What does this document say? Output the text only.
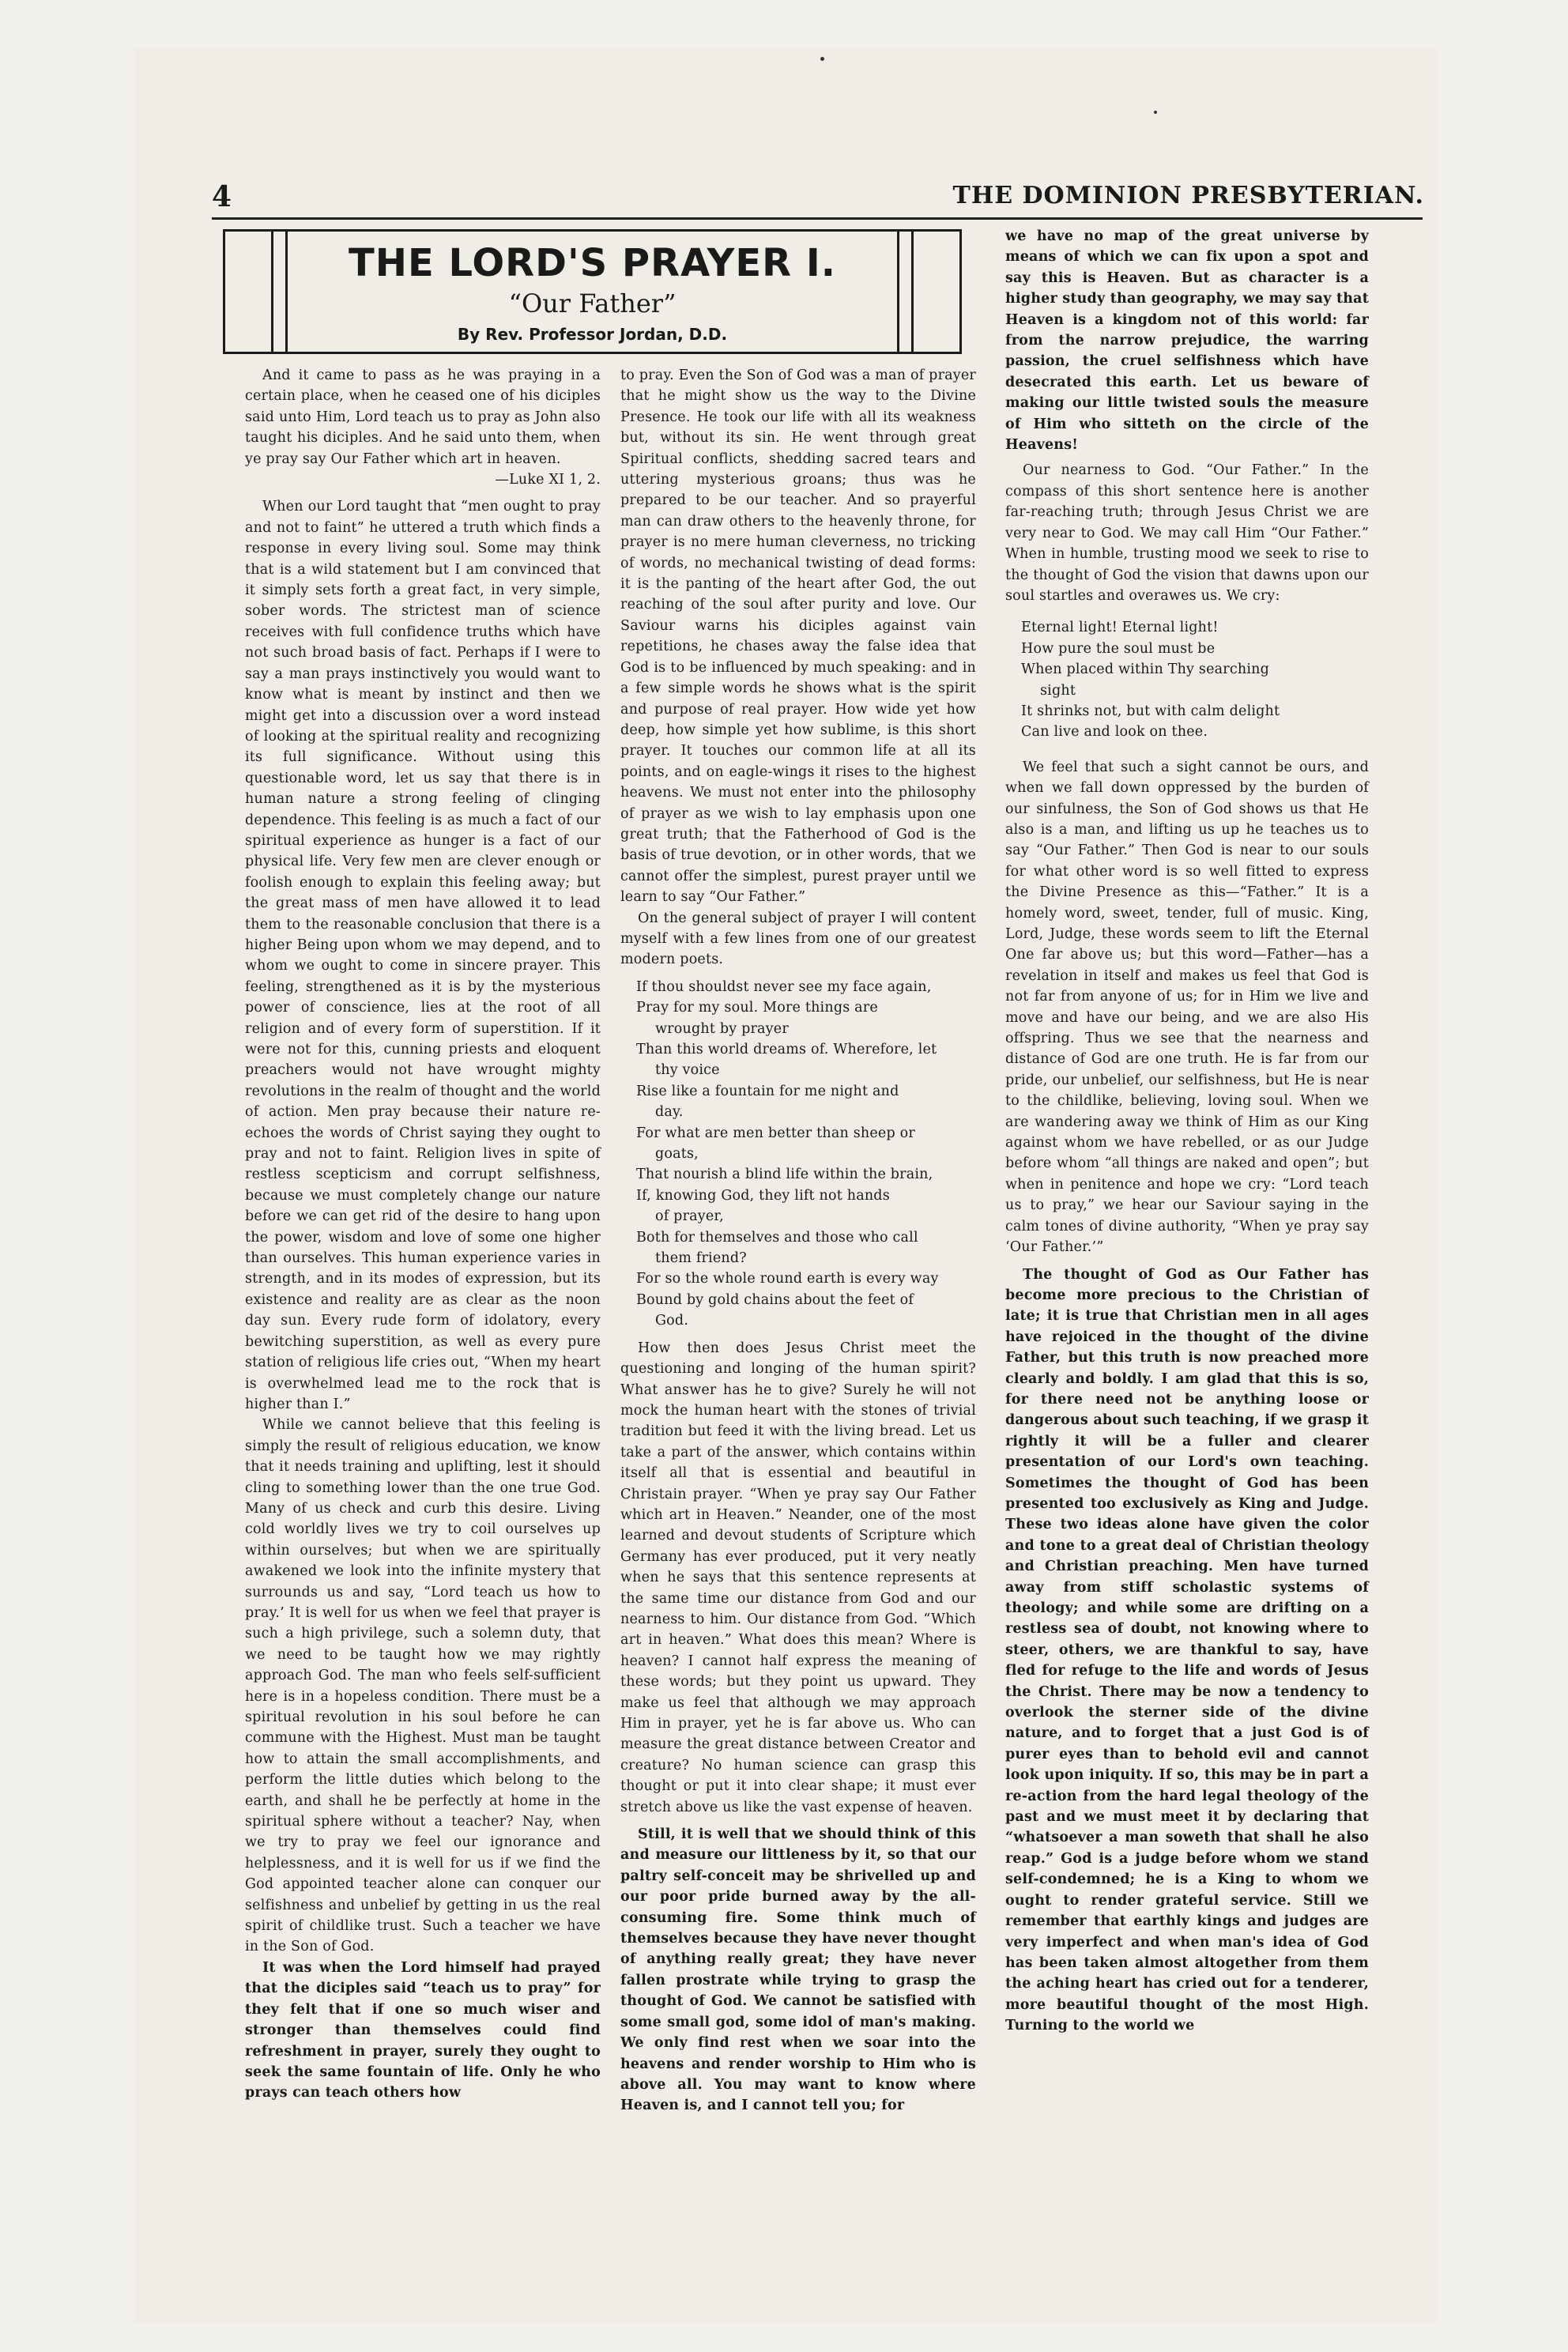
4	THE DOMINION PRESBYTERIAN.
THE LORD'S PRAYER I.
“Our Father”
By Rev. Professor Jordan, D.D.

And it came to pass as he was praying in a certain place, when he ceased one of his diciples said unto Him, Lord teach us to pray as John also taught his diciples. And he said unto them, when ye pray say Our Father which art in heaven.

—Luke XI 1, 2.

When our Lord taught that “men ought to pray and not to faint” he uttered a truth which finds a response in every living soul. Some may think that is a wild statement but I am convinced that it simply sets forth a great fact, in very simple, sober words. The strictest man of science receives with full confidence truths which have not such broad basis of fact. Perhaps if I were to say a man prays instinctively you would want to know what is meant by instinct and then we might get into a discussion over a word instead of looking at the spiritual reality and recognizing its full significance. Without using this questionable word, let us say that there is in human nature a strong feeling of clinging dependence. This feeling is as much a fact of our spiritual experience as hunger is a fact of our physical life. Very few men are clever enough or foolish enough to explain this feeling away; but the great mass of men have allowed it to lead them to the reasonable conclusion that there is a higher Being upon whom we may depend, and to whom we ought to come in sincere prayer. This feeling, strengthened as it is by the mysterious power of conscience, lies at the root of all religion and of every form of superstition. If it were not for this, cunning priests and eloquent preachers would not have wrought mighty revolutions in the realm of thought and the world of action. Men pray because their nature re-echoes the words of Christ saying they ought to pray and not to faint. Religion lives in spite of restless scepticism and corrupt selfishness, because we must completely change our nature before we can get rid of the desire to hang upon the power, wisdom and love of some one higher than ourselves. This human experience varies in strength, and in its modes of expression, but its existence and reality are as clear as the noon day sun. Every rude form of idolatory, every bewitching superstition, as well as every pure station of religious life cries out, “When my heart is overwhelmed lead me to the rock that is higher than I.”

While we cannot believe that this feeling is simply the result of religious education, we know that it needs training and uplifting, lest it should cling to something lower than the one true God. Many of us check and curb this desire. Living cold worldly lives we try to coil ourselves up within ourselves; but when we are spiritually awakened we look into the infinite mystery that surrounds us and say, “Lord teach us how to pray.’ It is well for us when we feel that prayer is such a high privilege, such a solemn duty, that we need to be taught how we may rightly approach God. The man who feels self-sufficient here is in a hopeless condition. There must be a spiritual revolution in his soul before he can commune with the Highest. Must man be taught how to attain the small accomplishments, and perform the little duties which belong to the earth, and shall he be perfectly at home in the spiritual sphere without a teacher? Nay, when we try to pray we feel our ignorance and helplessness, and it is well for us if we find the God appointed teacher alone can conquer our selfishness and unbelief by getting in us the real spirit of childlike trust. Such a teacher we have in the Son of God.

It was when the Lord himself had prayed that the diciples said “teach us to pray” for they felt that if one so much wiser and stronger than themselves could find refreshment in prayer, surely they ought to seek the same fountain of life. Only he who prays can teach others how

to pray. Even the Son of God was a man of prayer that he might show us the way to the Divine Presence. He took our life with all its weakness but, without its sin. He went through great Spiritual conflicts, shedding sacred tears and uttering mysterious groans; thus was he prepared to be our teacher. And so prayerful man can draw others to the heavenly throne, for prayer is no mere human cleverness, no tricking of words, no mechanical twisting of dead forms: it is the panting of the heart after God, the out reaching of the soul after purity and love. Our Saviour warns his diciples against vain repetitions, he chases away the false idea that God is to be influenced by much speaking: and in a few simple words he shows what is the spirit and purpose of real prayer. How wide yet how deep, how simple yet how sublime, is this short prayer. It touches our common life at all its points, and on eagle-wings it rises to the highest heavens. We must not enter into the philosophy of prayer as we wish to lay emphasis upon one great truth; that the Fatherhood of God is the basis of true devotion, or in other words, that we cannot offer the simplest, purest prayer until we learn to say “Our Father.”

On the general subject of prayer I will content myself with a few lines from one of our greatest modern poets.

If thou shouldst never see my face again,

Pray for my soul. More things are

wrought by prayer

Than this world dreams of. Wherefore, let

thy voice

Rise like a fountain for me night and

day.

For what are men better than sheep or

goats,

That nourish a blind life within the brain,

If, knowing God, they lift not hands

of prayer,

Both for themselves and those who call

them friend?

For so the whole round earth is every way

Bound by gold chains about the feet of

God.

How then does Jesus Christ meet the questioning and longing of the human spirit? What answer has he to give? Surely he will not mock the human heart with the stones of trivial tradition but feed it with the living bread. Let us take a part of the answer, which contains within itself all that is essential and beautiful in Christain prayer. “When ye pray say Our Father which art in Heaven.” Neander, one of the most learned and devout students of Scripture which Germany has ever produced, put it very neatly when he says that this sentence represents at the same time our distance from God and our nearness to him. Our distance from God. “Which art in heaven.” What does this mean? Where is heaven? I cannot half express the meaning of these words; but they point us upward. They make us feel that although we may approach Him in prayer, yet he is far above us. Who can measure the great distance between Creator and creature? No human science can grasp this thought or put it into clear shape; it must ever stretch above us like the vast expense of heaven.

Still, it is well that we should think of this and measure our littleness by it, so that our paltry self-conceit may be shrivelled up and our poor pride burned away by the all-consuming fire. Some think much of themselves because they have never thought of anything really great; they have never fallen prostrate while trying to grasp the thought of God. We cannot be satisfied with some small god, some idol of man's making. We only find rest when we soar into the heavens and render worship to Him who is above all. You may want to know where Heaven is, and I cannot tell you; for

we have no map of the great universe by means of which we can fix upon a spot and say this is Heaven. But as character is a higher study than geography, we may say that Heaven is a kingdom not of this world: far from the narrow prejudice, the warring passion, the cruel selfishness which have desecrated this earth. Let us beware of making our little twisted souls the measure of Him who sitteth on the circle of the Heavens!

Our nearness to God. “Our Father.” In the compass of this short sentence here is another far-reaching truth; through Jesus Christ we are very near to God. We may call Him “Our Father.” When in humble, trusting mood we seek to rise to the thought of God the vision that dawns upon our soul startles and overawes us. We cry:

Eternal light! Eternal light!

How pure the soul must be

When placed within Thy searching

sight

It shrinks not, but with calm delight

Can live and look on thee.

We feel that such a sight cannot be ours, and when we fall down oppressed by the burden of our sinfulness, the Son of God shows us that He also is a man, and lifting us up he teaches us to say “Our Father.” Then God is near to our souls for what other word is so well fitted to express the Divine Presence as this—“Father.” It is a homely word, sweet, tender, full of music. King, Lord, Judge, these words seem to lift the Eternal One far above us; but this word—Father—has a revelation in itself and makes us feel that God is not far from anyone of us; for in Him we live and move and have our being, and we are also His offspring. Thus we see that the nearness and distance of God are one truth. He is far from our pride, our unbelief, our selfishness, but He is near to the childlike, believing, loving soul. When we are wandering away we think of Him as our King against whom we have rebelled, or as our Judge before whom “all things are naked and open”; but when in penitence and hope we cry: “Lord teach us to pray,” we hear our Saviour saying in the calm tones of divine authority, “When ye pray say ‘Our Father.’”

The thought of God as Our Father has become more precious to the Christian of late; it is true that Christian men in all ages have rejoiced in the thought of the divine Father, but this truth is now preached more clearly and boldly. I am glad that this is so, for there need not be anything loose or dangerous about such teaching, if we grasp it rightly it will be a fuller and clearer presentation of our Lord's own teaching. Sometimes the thought of God has been presented too exclusively as King and Judge. These two ideas alone have given the color and tone to a great deal of Christian theology and Christian preaching. Men have turned away from stiff scholastic systems of theology; and while some are drifting on a restless sea of doubt, not knowing where to steer, others, we are thankful to say, have fled for refuge to the life and words of Jesus the Christ. There may be now a tendency to overlook the sterner side of the divine nature, and to forget that a just God is of purer eyes than to behold evil and cannot look upon iniquity. If so, this may be in part a re-action from the hard legal theology of the past and we must meet it by declaring that “whatsoever a man soweth that shall he also reap.” God is a judge before whom we stand self-condemned; he is a King to whom we ought to render grateful service. Still we remember that earthly kings and judges are very imperfect and when man's idea of God has been taken almost altogether from them the aching heart has cried out for a tenderer, more beautiful thought of the most High. Turning to the world we
